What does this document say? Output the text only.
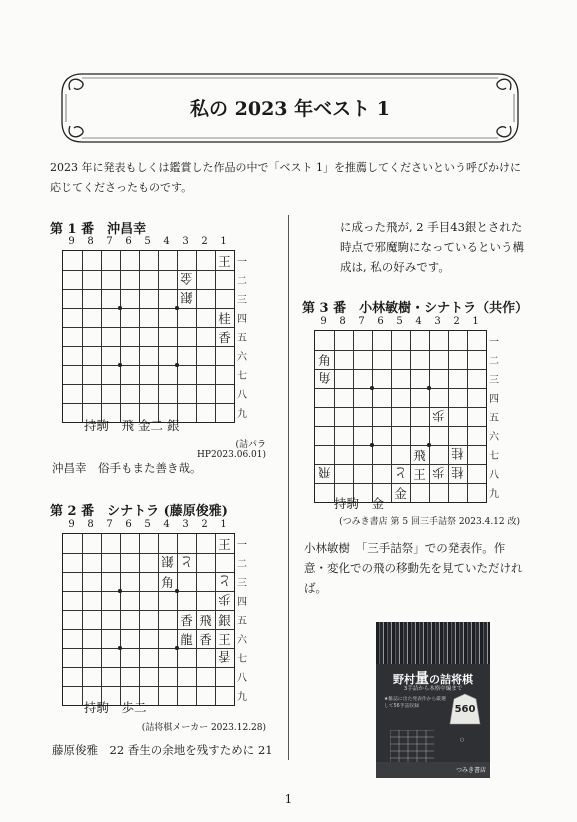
私の 2023 年ベスト 1
2023 年に発表もしくは鑑賞した作品の中で「ベスト 1」を推薦してくださいという呼びかけに応じてくださったものです。
第 1 番　沖昌幸
9 8 7 6 5 4 3 2 1
王
金
銀
桂
香
一
二
三
四
五
六
七
八
九
持駒　飛 金二 銀
(詰パラ HP2023.06.01)
沖昌幸　俗手もまた善き哉。
第 2 番　シナトラ (藤原俊雅)
9 8 7 6 5 4 3 2 1
王
銀 と
角	と
歩
香 飛 銀
龍 香 王
香
一
二
三
四
五
六
七
八
九
持駒　歩二
(詰将棋メーカー 2023.12.28)
藤原俊雅　22 香生の余地を残すために 21
に成った飛が, 2 手目43銀とされた時点で邪魔駒になっているという構成は, 私の好みです。
第 3 番　小林敏樹・シナトラ（共作）
9 8 7 6 5 4 3 2 1
角
角
歩
飛 桂
飛	と 王 歩 桂
金
一
二
三
四
五
六
七
八
九
持駒　金
(つみき書店 第 5 回三手詰祭 2023.4.12 改)
小林敏樹　「三手詰祭」での発表作。作意・変化での飛の移動先を見ていただければ。
野村量の詰将棋
3手詰から本格中編まで
★雑誌に出た発表作から厳選して56手詰収録	560
○
つみき書店
1
